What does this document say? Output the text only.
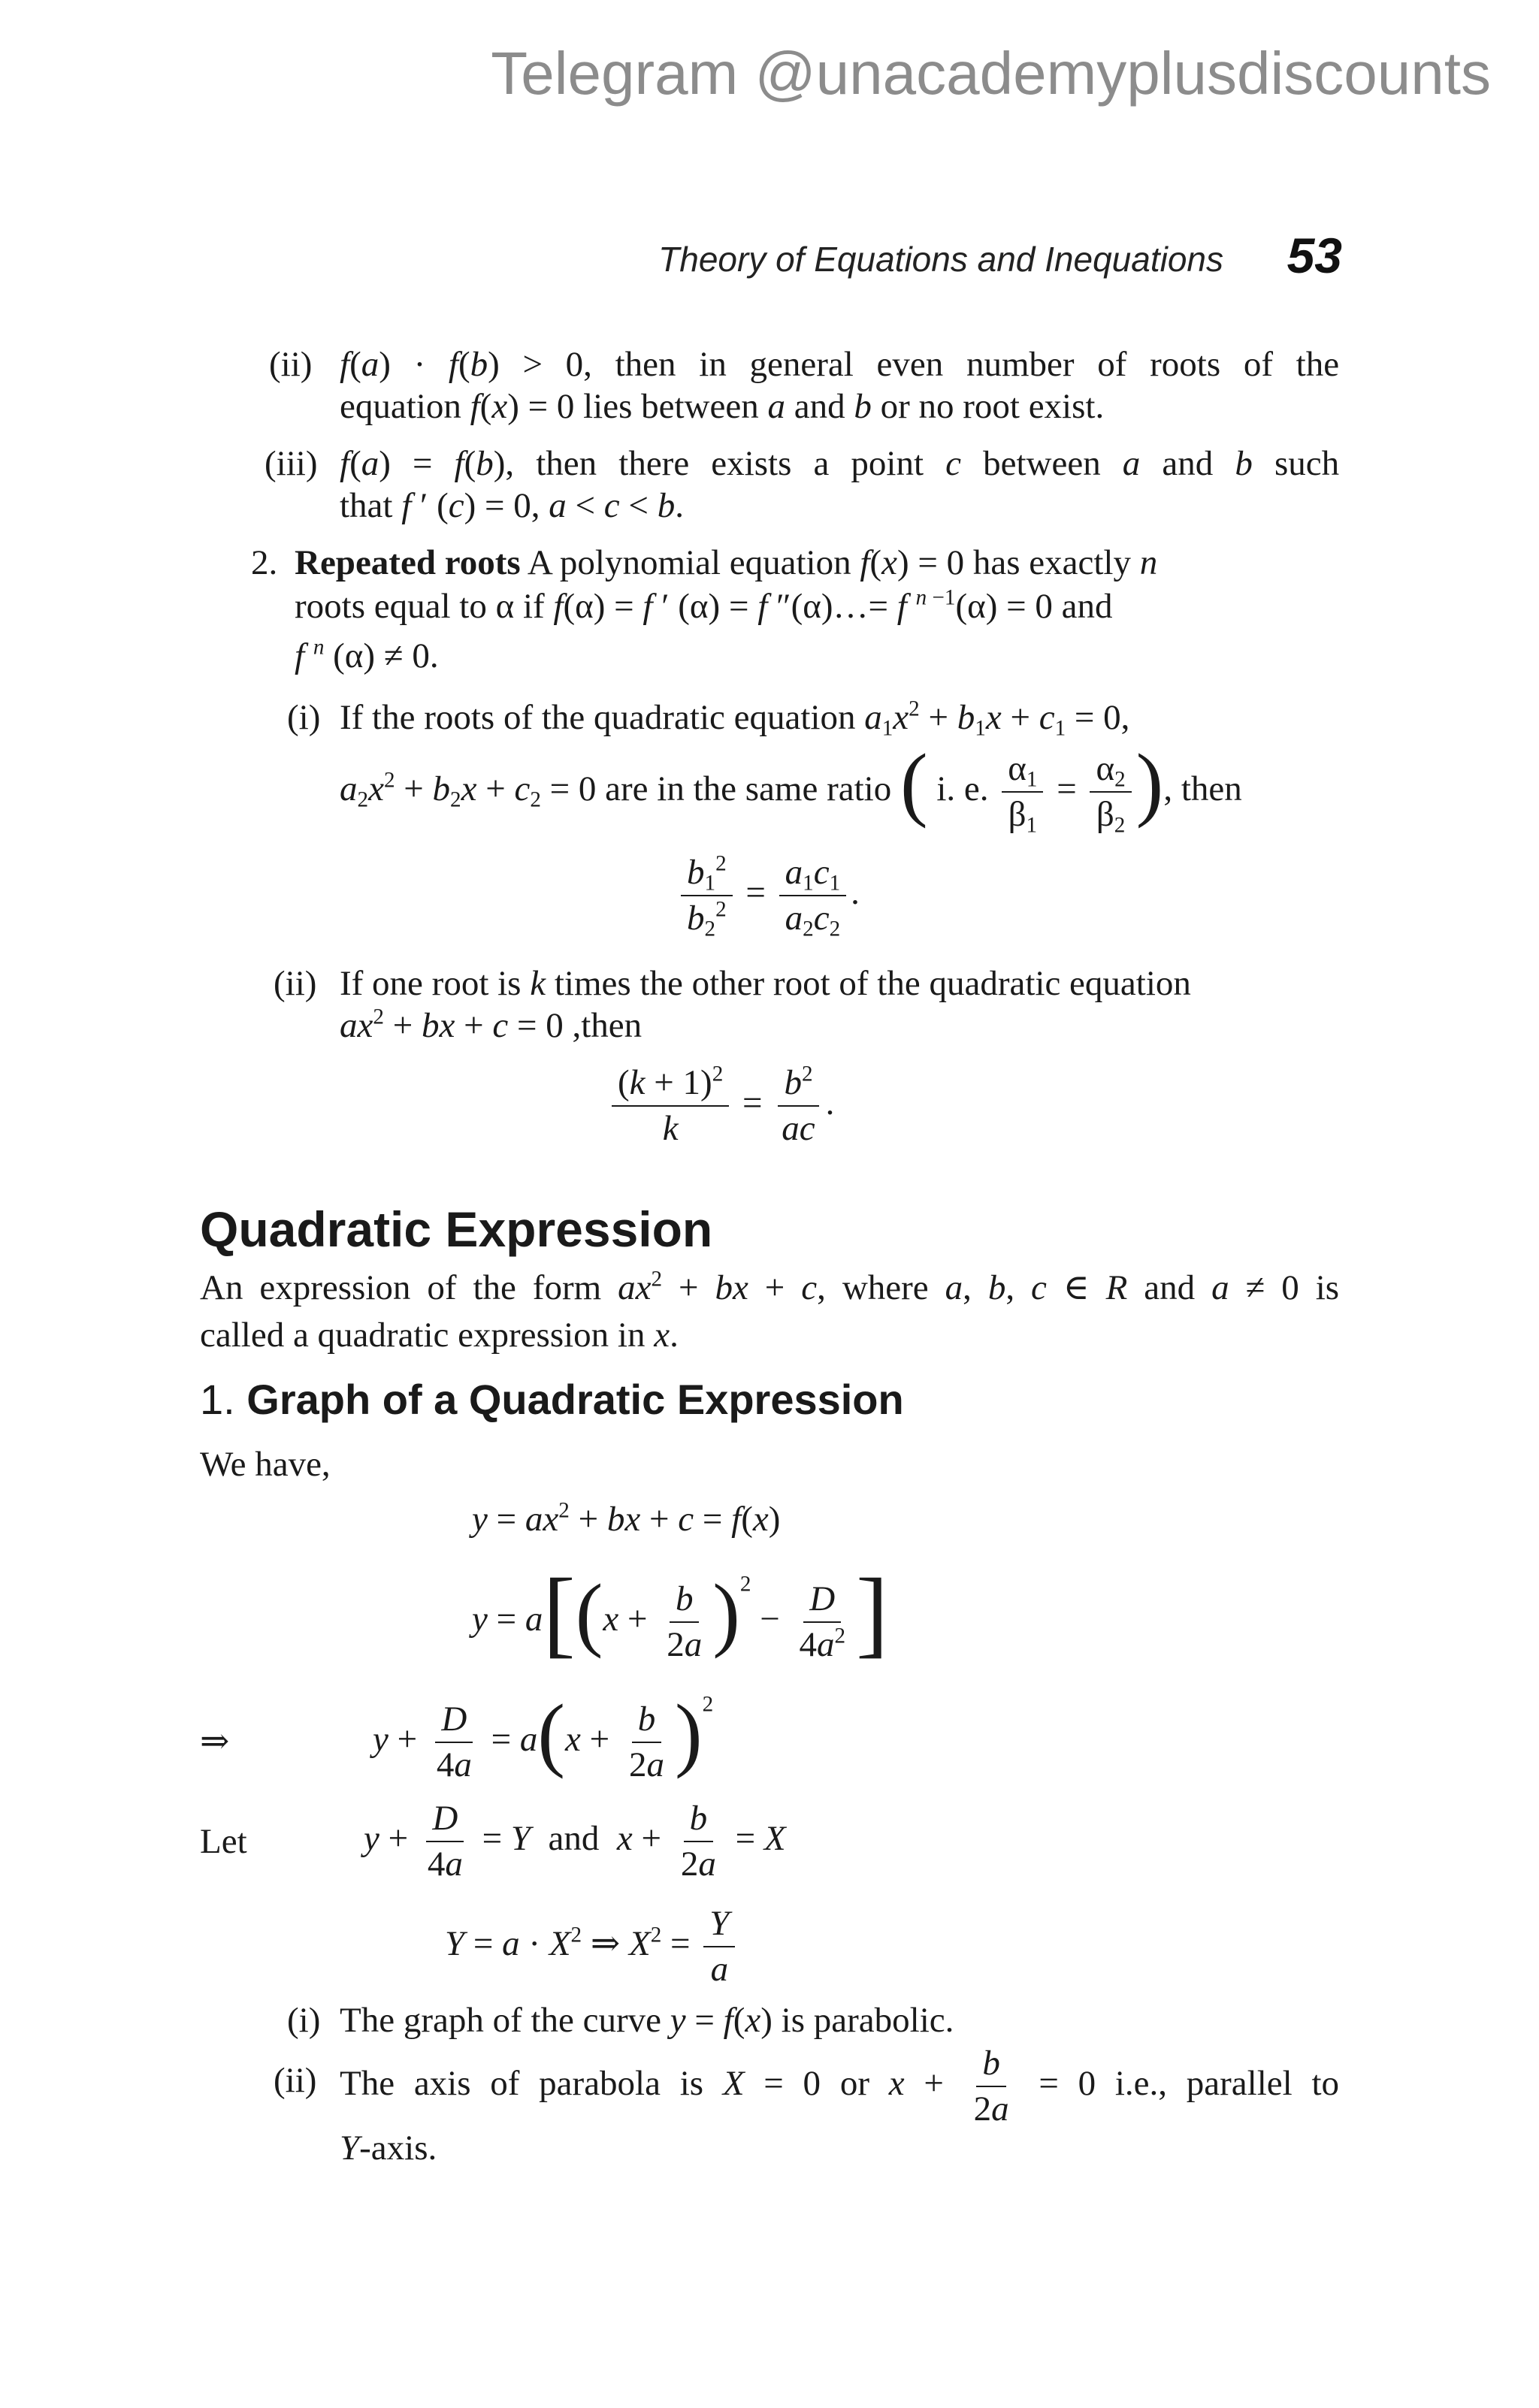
Telegram @unacademyplusdiscounts
Theory of Equations and Inequations 53
(ii) f(a) · f(b) > 0, then in general even number of roots of the
equation f(x) = 0 lies between a and b or no root exist.
(iii) f(a) = f(b), then there exists a point c between a and b such
that f ′ (c) = 0, a < c < b.
2. Repeated roots A polynomial equation f(x) = 0 has exactly n
roots equal to α if f(α) = f ′ (α) = f ″(α)…= f $^{n -1}$(α) = 0 and
f $^n$ (α) ≠ 0.
(i) If the roots of the quadratic equation $a_1x^2 + b_1x + c_1 = 0$,
$a_2x^2 + b_2x + c_2 = 0$ are in the same ratio ( i. e. $\frac{\alpha_1}{\beta_1} = \frac{\alpha_2}{\beta_2}$ ), then
$\frac{b_1^2}{b_2^2} = \frac{a_1c_1}{a_2c_2}$ .
(ii) If one root is k times the other root of the quadratic equation
$ax^2$ + bx + c = 0 ,then
$\frac{(k + 1)^2}{k} = \frac{b^2}{ac}$ .
Quadratic Expression
An expression of the form $ax^2$ + bx + c, where a, b, c ∈ R and a ≠ 0 is
called a quadratic expression in x.
1. Graph of a Quadratic Expression
We have,
$y = ax^2$ + bx + c = f(x)
$y = a[(x + \frac{b}{2a} )^2 - \frac{D}{4a^2}$ ]
⇒	$y + \frac{D}{4a} = a(x + \frac{b}{2a} )^2$
Let	$y + \frac{D}{4a} = Y$  and  $x + \frac{b}{2a} = X$
$Y = a \cdot X^2$ ⇒ $X^2 = \frac{Y}{a}$
(i) The graph of the curve y = f(x) is parabolic.
(ii) The axis of parabola is X = 0 or $x + \frac{b}{2a} = 0$ i.e., parallel to
Y-axis.
